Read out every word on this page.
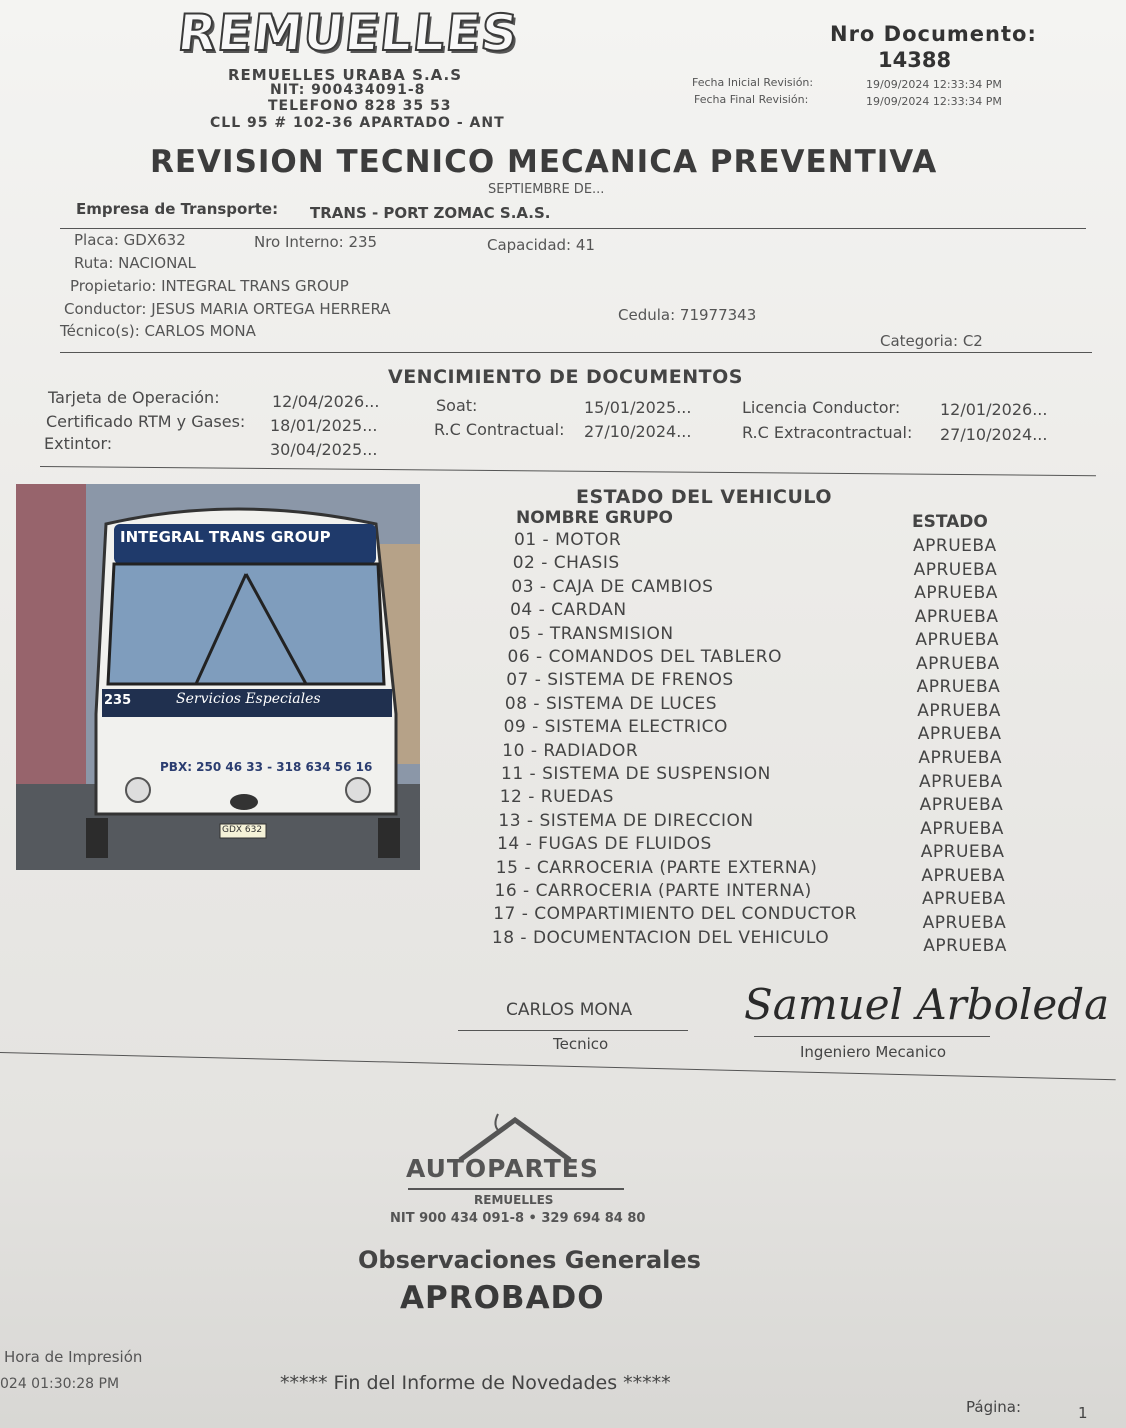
REMUELLES
REMUELLES URABA S.A.S
NIT: 900434091-8
TELEFONO 828 35 53
CLL 95 # 102-36 APARTADO - ANT
Nro Documento:
14388
Fecha Inicial Revisión:	19/09/2024 12:33:34 PM
Fecha Final Revisión:	19/09/2024 12:33:34 PM
REVISION TECNICO MECANICA PREVENTIVA
SEPTIEMBRE DE...
Empresa de Transporte: TRANS - PORT ZOMAC S.A.S.
Placa: GDX632	Nro Interno: 235	Capacidad: 41
Ruta: NACIONAL
Propietario: INTEGRAL TRANS GROUP
Conductor: JESUS MARIA ORTEGA HERRERA	Cedula: 71977343
Técnico(s): CARLOS MONA
Categoria: C2
VENCIMIENTO DE DOCUMENTOS
Tarjeta de Operación:	12/04/2026...	Soat:	15/01/2025...	Licencia Conductor: 12/01/2026...
Certificado RTM y Gases: 18/01/2025...	R.C Contractual: 27/10/2024...	R.C Extracontractual: 27/10/2024...
Extintor:	30/04/2025...
INTEGRAL TRANS GROUP
Servicios Especiales
235
PBX: 250 46 33 - 318 634 56 16
GDX 632
ESTADO DEL VEHICULO
NOMBRE GRUPO	ESTADO
01 - MOTOR	APRUEBA
02 - CHASIS	APRUEBA
03 - CAJA DE CAMBIOS	APRUEBA
04 - CARDAN	APRUEBA
05 - TRANSMISION	APRUEBA
06 - COMANDOS DEL TABLERO	APRUEBA
07 - SISTEMA DE FRENOS	APRUEBA
08 - SISTEMA DE LUCES	APRUEBA
09 - SISTEMA ELECTRICO	APRUEBA
10 - RADIADOR	APRUEBA
11 - SISTEMA DE SUSPENSION	APRUEBA
12 - RUEDAS	APRUEBA
13 - SISTEMA DE DIRECCION	APRUEBA
14 - FUGAS DE FLUIDOS	APRUEBA
15 - CARROCERIA (PARTE EXTERNA)	APRUEBA
16 - CARROCERIA (PARTE INTERNA)	APRUEBA
17 - COMPARTIMIENTO DEL CONDUCTOR	APRUEBA
18 - DOCUMENTACION DEL VEHICULO	APRUEBA
CARLOS MONA
Tecnico
Samuel Arboleda
Ingeniero Mecanico
AUTOPARTES
REMUELLES
NIT 900 434 091-8 • 329 694 84 80
Observaciones Generales
APROBADO
Hora de Impresión
024 01:30:28 PM	***** Fin del Informe de Novedades *****
Página:	1
